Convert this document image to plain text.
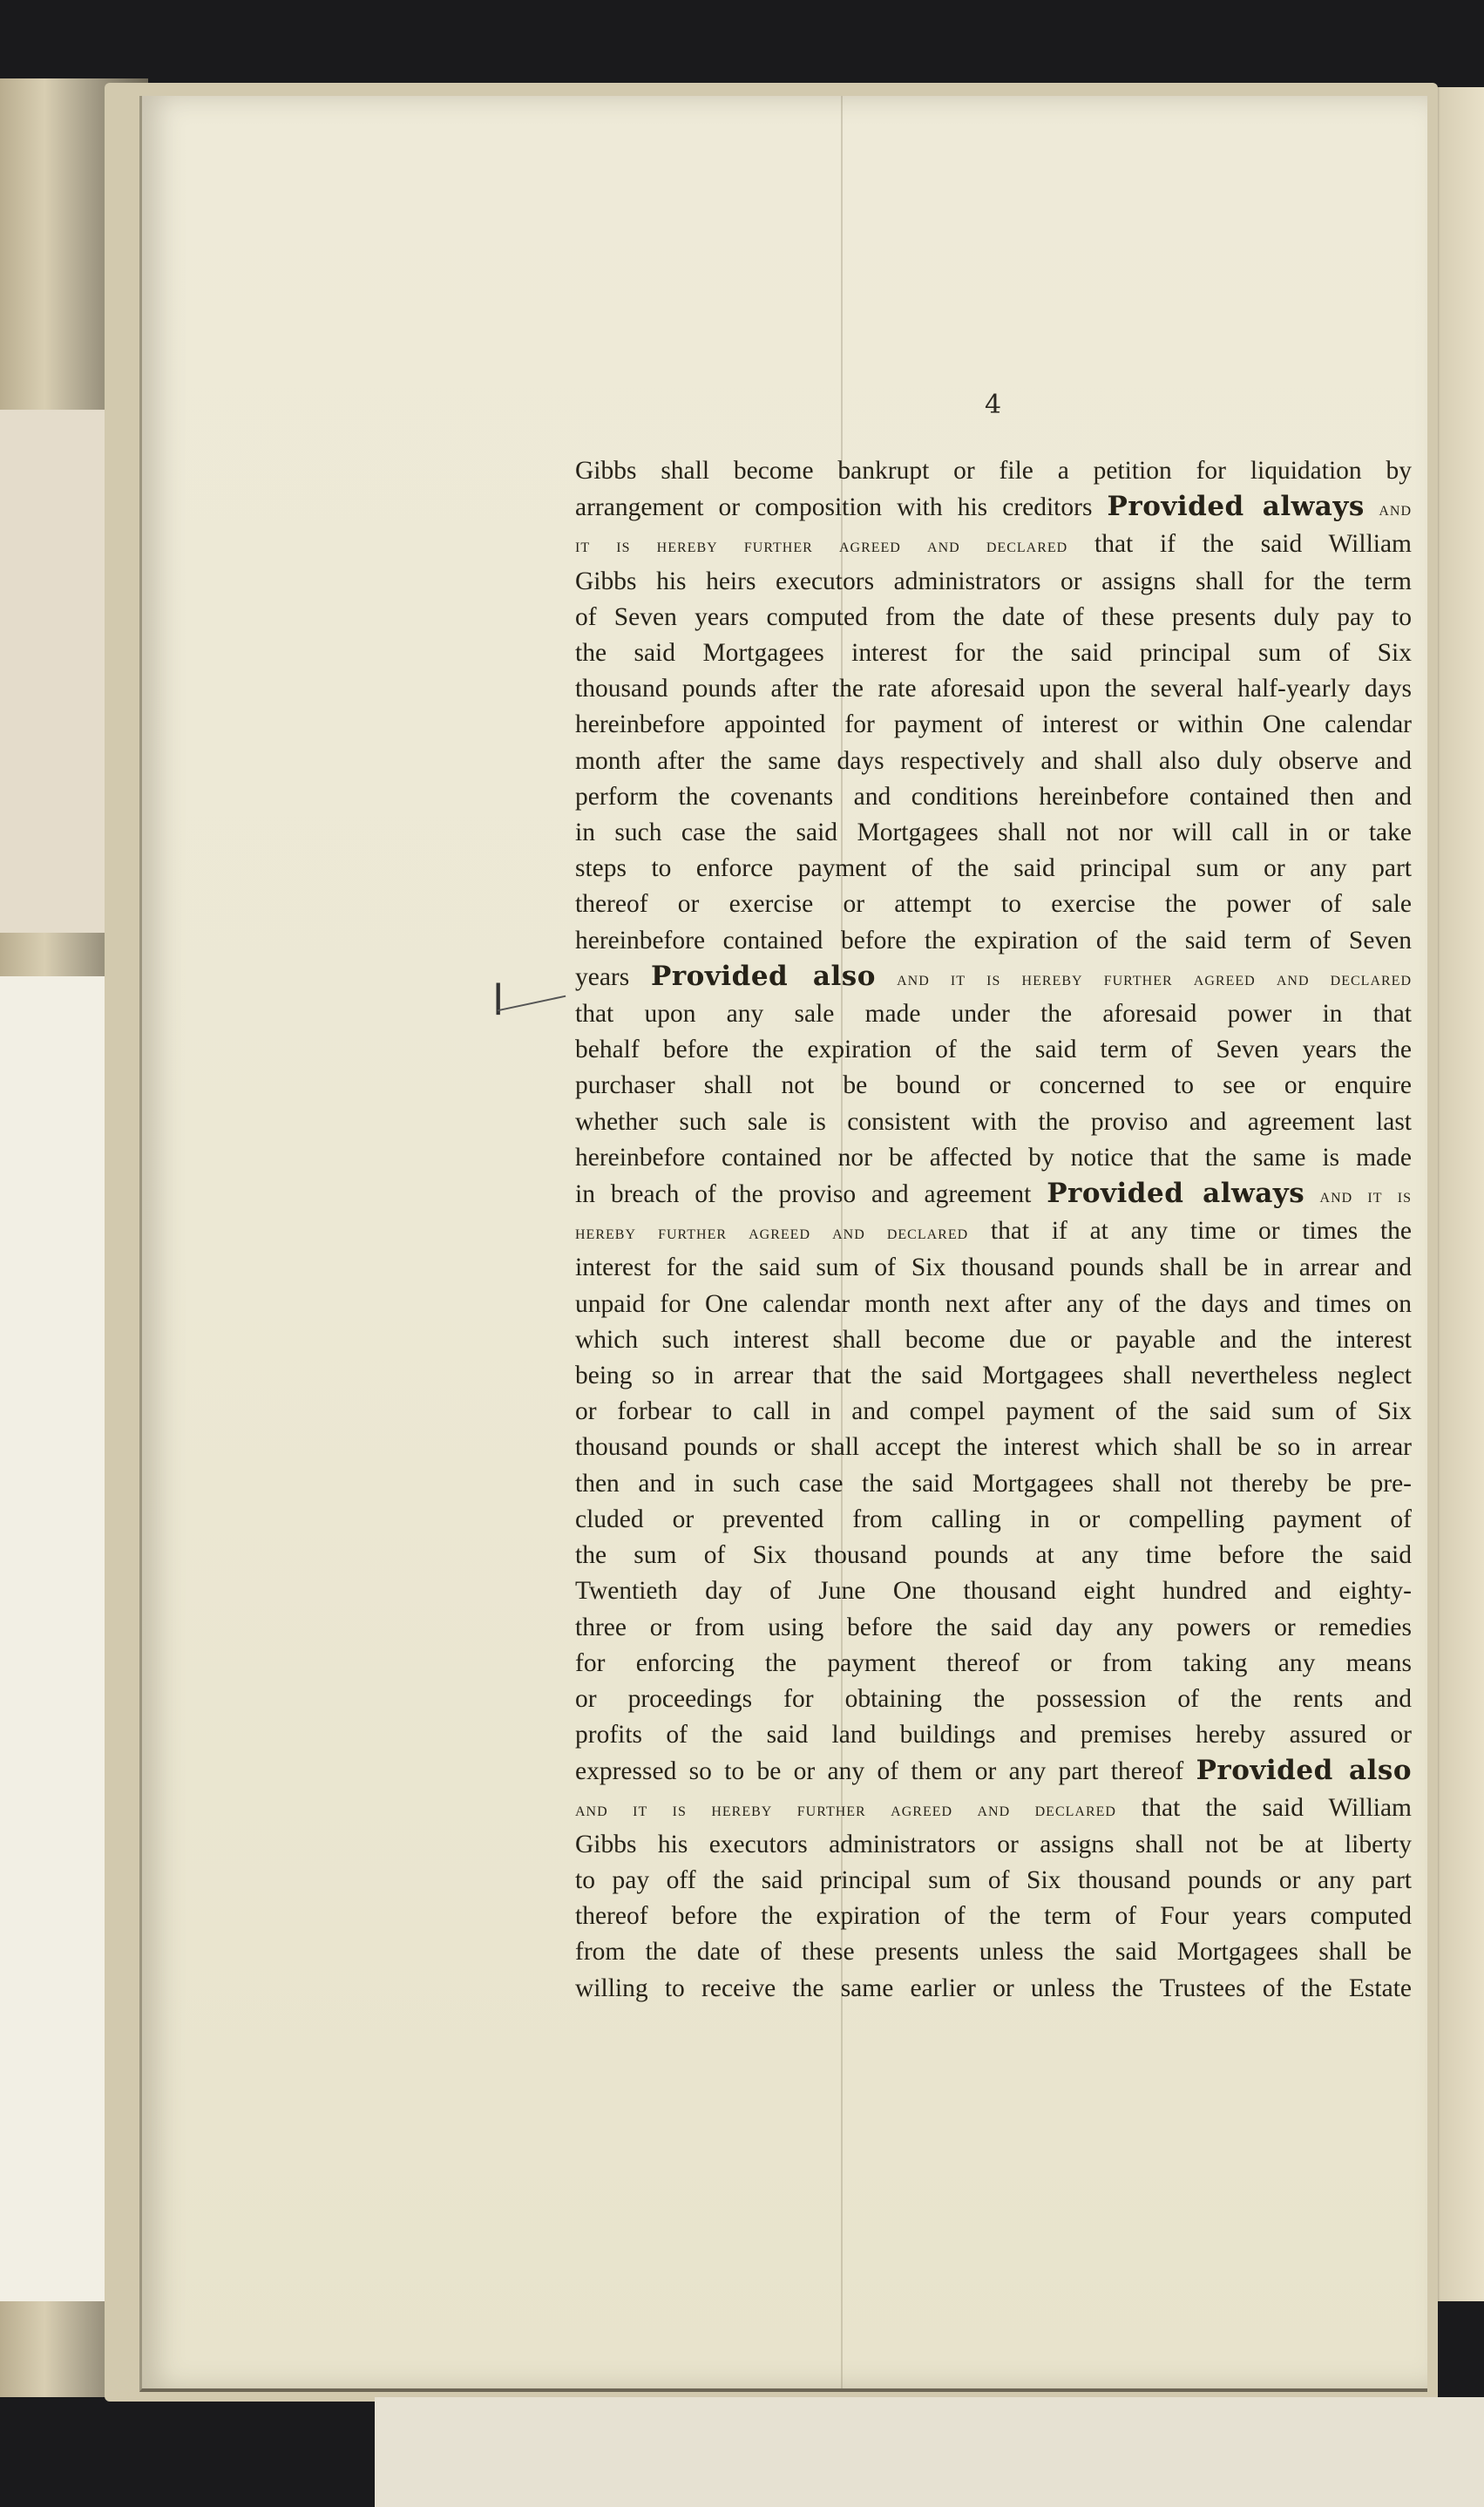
4
l
Gibbs shall become bankrupt or file a petition for liquidation by
arrangement or composition with his creditors Provided always and
it is hereby further agreed and declared that if the said William
Gibbs his heirs executors administrators or assigns shall for the term
of Seven years computed from the date of these presents duly pay to
the said Mortgagees interest for the said principal sum of Six
thousand pounds after the rate aforesaid upon the several half-yearly days
hereinbefore appointed for payment of interest or within One calendar
month after the same days respectively and shall also duly observe and
perform the covenants and conditions hereinbefore contained then and
in such case the said Mortgagees shall not nor will call in or take
steps to enforce payment of the said principal sum or any part
thereof or exercise or attempt to exercise the power of sale
hereinbefore contained before the expiration of the said term of Seven
years Provided also and it is hereby further agreed and declared
that upon any sale made under the aforesaid power in that
behalf before the expiration of the said term of Seven years the
purchaser shall not be bound or concerned to see or enquire
whether such sale is consistent with the proviso and agreement last
hereinbefore contained nor be affected by notice that the same is made
in breach of the proviso and agreement Provided always and it is
hereby further agreed and declared that if at any time or times the
interest for the said sum of Six thousand pounds shall be in arrear and
unpaid for One calendar month next after any of the days and times on
which such interest shall become due or payable and the interest
being so in arrear that the said Mortgagees shall nevertheless neglect
or forbear to call in and compel payment of the said sum of Six
thousand pounds or shall accept the interest which shall be so in arrear
then and in such case the said Mortgagees shall not thereby be pre-
cluded or prevented from calling in or compelling payment of
the sum of Six thousand pounds at any time before the said
Twentieth day of June One thousand eight hundred and eighty-
three or from using before the said day any powers or remedies
for enforcing the payment thereof or from taking any means
or proceedings for obtaining the possession of the rents and
profits of the said land buildings and premises hereby assured or
expressed so to be or any of them or any part thereof Provided also
and it is hereby further agreed and declared that the said William
Gibbs his executors administrators or assigns shall not be at liberty
to pay off the said principal sum of Six thousand pounds or any part
thereof before the expiration of the term of Four years computed
from the date of these presents unless the said Mortgagees shall be
willing to receive the same earlier or unless the Trustees of the Estate
